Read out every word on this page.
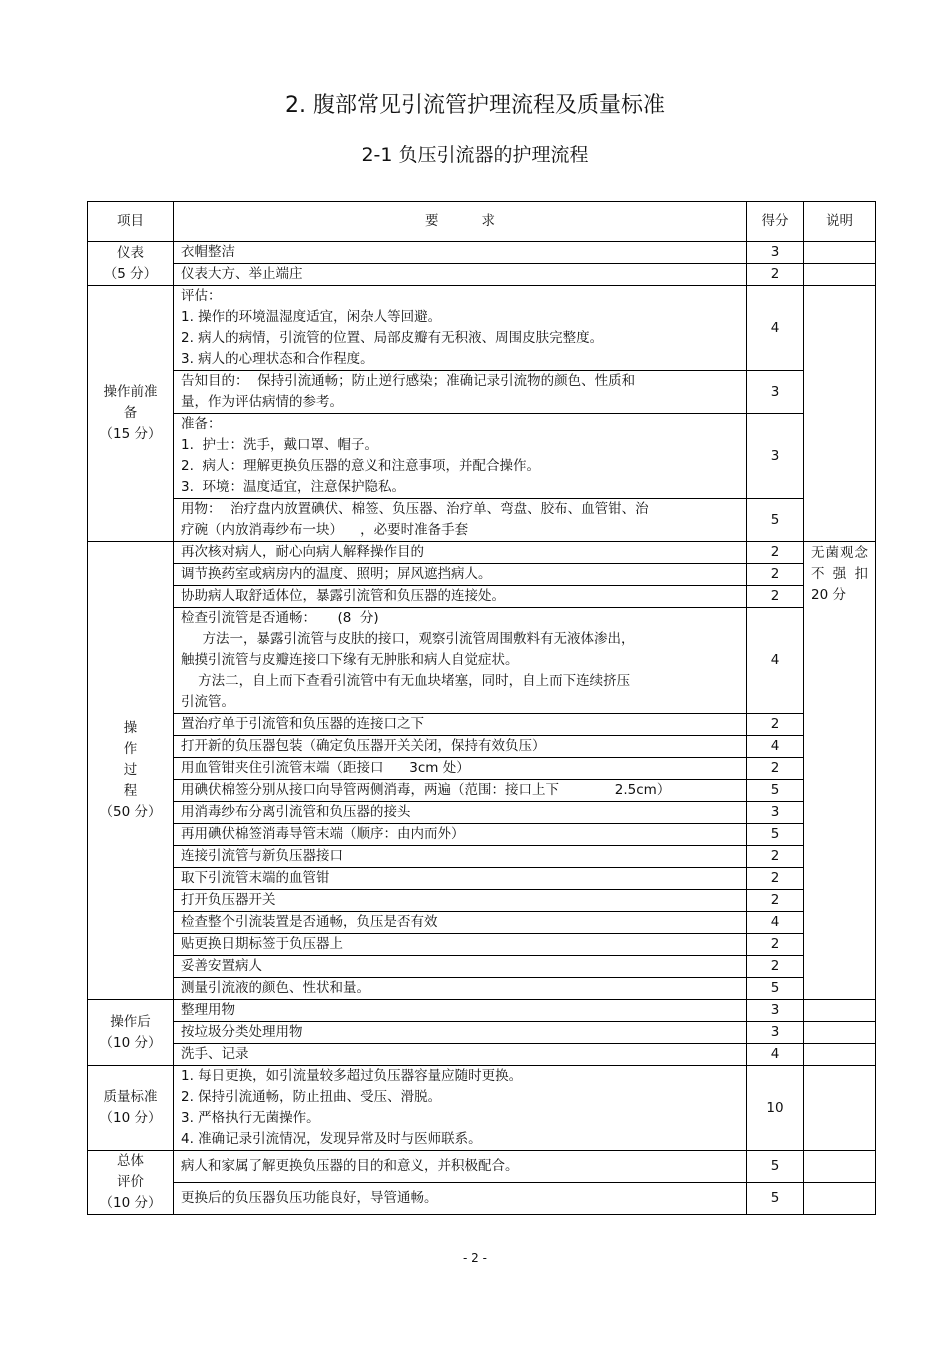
2. 腹部常见引流管护理流程及质量标准
2-1 负压引流器的护理流程
项目	要          求	得分	说明
仪表
（5 分）	衣帽整洁	3	
	仪表大方、举止端庄	2	
操作前准
备
（15 分）	评估：
1. 操作的环境温湿度适宜，闲杂人等回避。
2. 病人的病情，引流管的位置、局部皮瓣有无积液、周围皮肤完整度。
3. 病人的心理状态和合作程度。	4	
	告知目的：  保持引流通畅；防止逆行感染；准确记录引流物的颜色、性质和
量，作为评估病情的参考。	3	
	准备：
1.  护士：洗手，戴口罩、帽子。
2.  病人：理解更换负压器的意义和注意事项，并配合操作。
3.  环境：温度适宜，注意保护隐私。	3	
	用物：  治疗盘内放置碘伏、棉签、负压器、治疗单、弯盘、胶布、血管钳、治
疗碗（内放消毒纱布一块）    ，必要时准备手套	5	
操
作
过
程
（50 分）	再次核对病人，耐心向病人解释操作目的	2	无菌观念不强扣 20 分
	调节换药室或病房内的温度、照明；屏风遮挡病人。	2	
	协助病人取舒适体位，暴露引流管和负压器的连接处。	2	
	检查引流管是否通畅：     (8  分)
方法一，暴露引流管与皮肤的接口，观察引流管周围敷料有无液体渗出，
触摸引流管与皮瓣连接口下缘有无肿胀和病人自觉症状。
方法二，自上而下查看引流管中有无血块堵塞，同时，自上而下连续挤压
引流管。	4	
	置治疗单于引流管和负压器的连接口之下	2	
	打开新的负压器包装（确定负压器开关关闭，保持有效负压）	4	
	用血管钳夹住引流管末端（距接口      3cm 处）	2	
	用碘伏棉签分别从接口向导管两侧消毒，两遍（范围：接口上下             2.5cm）	5	
	用消毒纱布分离引流管和负压器的接头	3	
	再用碘伏棉签消毒导管末端（顺序：由内而外）	5	
	连接引流管与新负压器接口	2	
	取下引流管末端的血管钳	2	
	打开负压器开关	2	
	检查整个引流装置是否通畅，负压是否有效	4	
	贴更换日期标签于负压器上	2	
	妥善安置病人	2	
	测量引流液的颜色、性状和量。	5	
操作后
（10 分）	整理用物	3	
	按垃圾分类处理用物	3	
	洗手、记录	4	
质量标准
（10 分）	1. 每日更换，如引流量较多超过负压器容量应随时更换。
2. 保持引流通畅，防止扭曲、受压、滑脱。
3. 严格执行无菌操作。
4. 准确记录引流情况，发现异常及时与医师联系。	10	
总体
评价
（10 分）	病人和家属了解更换负压器的目的和意义，并积极配合。	5	
	更换后的负压器负压功能良好，导管通畅。	5	
- 2 -
